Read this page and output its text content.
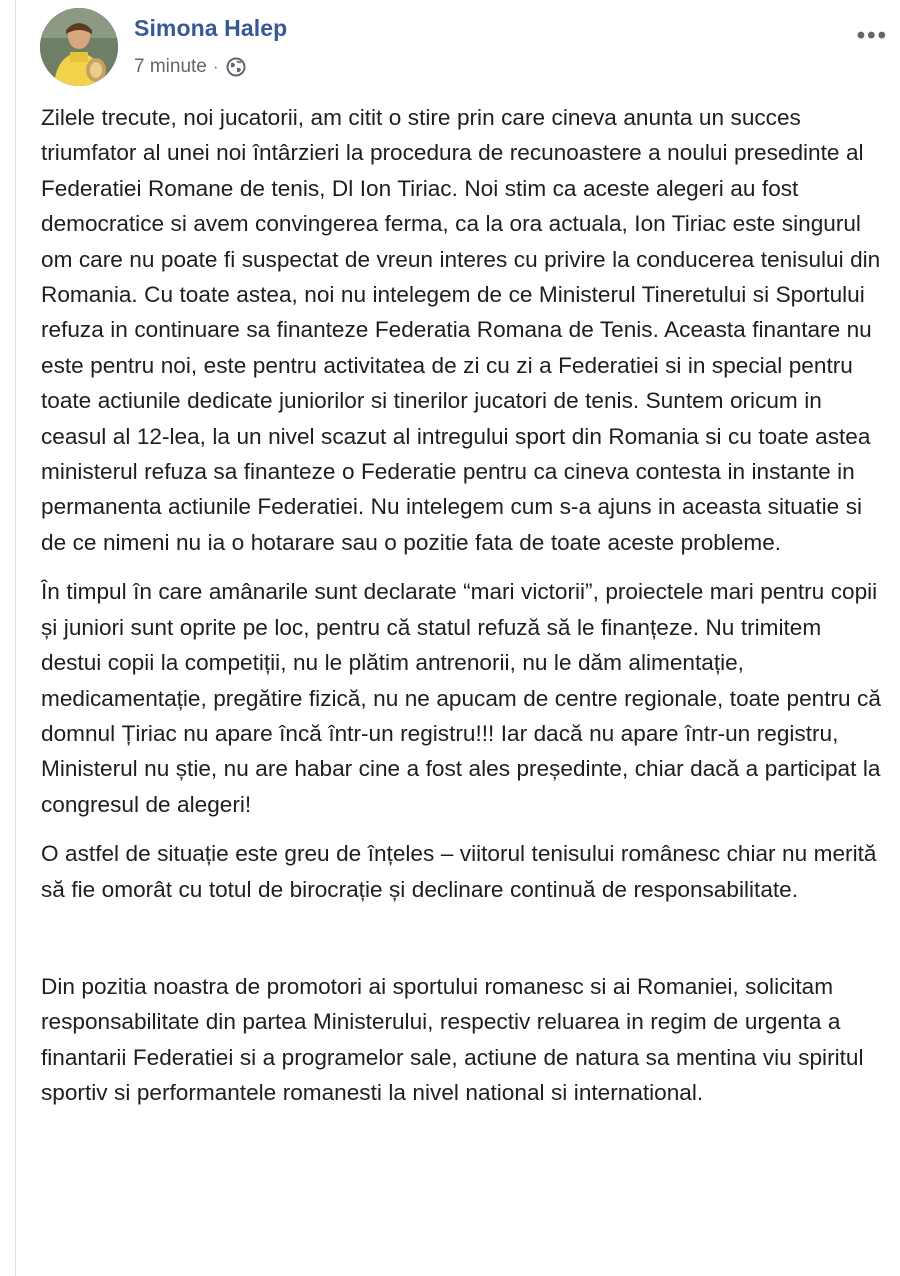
Simona Halep
7 minute ·
•••

Zilele trecute, noi jucatorii, am citit o stire prin care cineva anunta un succes triumfator al unei noi întârzieri la procedura de recunoastere a noului presedinte al Federatiei Romane de tenis, Dl Ion Tiriac. Noi stim ca aceste alegeri au fost democratice si avem convingerea ferma, ca la ora actuala, Ion Tiriac este singurul om care nu poate fi suspectat de vreun interes cu privire la conducerea tenisului din Romania. Cu toate astea, noi nu intelegem de ce Ministerul Tineretului si Sportului refuza in continuare sa finanteze Federatia Romana de Tenis. Aceasta finantare nu este pentru noi, este pentru activitatea de zi cu zi a Federatiei si in special pentru toate actiunile dedicate juniorilor si tinerilor jucatori de tenis. Suntem oricum in ceasul al 12-lea, la un nivel scazut al intregului sport din Romania si cu toate astea ministerul refuza sa finanteze o Federatie pentru ca cineva contesta in instante in permanenta actiunile Federatiei. Nu intelegem cum s-a ajuns in aceasta situatie si de ce nimeni nu ia o hotarare sau o pozitie fata de toate aceste probleme.

În timpul în care amânarile sunt declarate “mari victorii”, proiectele mari pentru copii și juniori sunt oprite pe loc, pentru că statul refuză să le finanțeze. Nu trimitem destui copii la competiții, nu le plătim antrenorii, nu le dăm alimentație, medicamentație, pregătire fizică, nu ne apucam de centre regionale, toate pentru că domnul Țiriac nu apare încă într-un registru!!! Iar dacă nu apare într-un registru, Ministerul nu știe, nu are habar cine a fost ales președinte, chiar dacă a participat la congresul de alegeri!

O astfel de situație este greu de înțeles – viitorul tenisului românesc chiar nu merită să fie omorât cu totul de birocrație și declinare continuă de responsabilitate.

Din pozitia noastra de promotori ai sportului romanesc si ai Romaniei, solicitam responsabilitate din partea Ministerului, respectiv reluarea in regim de urgenta a finantarii Federatiei si a programelor sale, actiune de natura sa mentina viu spiritul sportiv si performantele romanesti la nivel national si international.
